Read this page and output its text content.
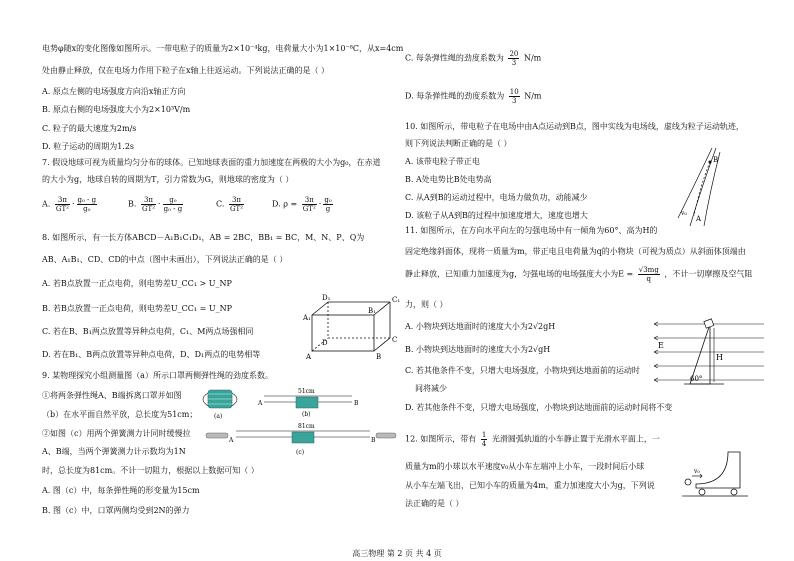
电势φ随x的变化图像如图所示。一带电粒子的质量为2×10⁻⁴kg，电荷量大小为1×10⁻⁸C，从x=4cm
处由静止释放，仅在电场力作用下粒子在x轴上往返运动。下列说法正确的是（ ）
A. 原点左侧的电场强度方向沿x轴正方向
B. 原点右侧的电场强度大小为2×10³V/m
C. 粒子的最大速度为2m/s
D. 粒子运动的周期为1.2s
7. 假设地球可视为质量均匀分布的球体。已知地球表面的重力加速度在两极的大小为g₀，在赤道
的大小为g，地球自转的周期为T，引力常数为G，则地球的密度为（ ）
A. $\frac{3\pi}{\text{GT²}} \cdot \frac{\text{g₀ - g}}{\text{g₀}}$	B. $\frac{3\pi}{\text{GT²}} \cdot \frac{\text{g₀}}{\text{g₀ - g}}$	C. $\frac{3\pi}{\text{GT²}}$	D. $\rho = \frac{3\pi}{\text{GT²}} \cdot \frac{\text{g₀}}{g}$
8. 如图所示，有一长方体ABCD－A₁B₁C₁D₁，AB = 2BC，BB₁ = BC，M、N、P、Q为
AB、A₁B₁、CD、CD的中点（图中未画出），下列说法正确的是（ ）
A. 若B点放置一正点电荷，则电势差U_CC₁ > U_NP
B. 若B点放置一正点电荷，则电势差U_CC₁ = U_NP
C. 若在B、B₁两点放置等异种点电荷，C₁、M两点场强相同
D. 若在B₁、B两点放置等异种点电荷，D、D₁两点的电势相等
D₁	C₁
A₁
B₁
D	C
A	B
9. 某物理探究小组测量图（a）所示口罩两侧弹性绳的劲度系数。
①将两条弹性绳A、B端拆离口罩并如图
（b）在水平面自然平放，总长度为51cm；
②如图（c）用两个弹簧测力计同时缓慢拉
A、B端，当两个弹簧测力计示数均为1N
时，总长度为81cm。不计一切阻力，根据以上数据可知（ ）
A. 图（c）中，每条弹性绳的形变量为15cm
B. 图（c）中，口罩两侧均受到2N的弹力
(a)
51cm
A	B
(b)
81cm
A	B
(c)
C. 每条弹性绳的劲度系数为 $\frac{20}{3} N/m$
D. 每条弹性绳的劲度系数为 $\frac{10}{3} N/m$
10. 如图所示，带电粒子在电场中由A点运动到B点，图中实线为电场线，虚线为粒子运动轨迹，
则下列说法判断正确的是（ ）
A. 该带电粒子带正电
B. A处电势比B处电势高
C. 从A到B的运动过程中，电场力做负功，动能减少
D. 该粒子从A到B的过程中加速度增大，速度也增大
B
A
v₀
11. 如图所示，在方向水平向左的匀强电场中有一倾角为60°、高为H的
固定绝缘斜面体，现将一质量为m，带正电且电荷量为q的小物块（可视为质点）从斜面体顶端由
静止释放，已知重力加速度为g，匀强电场的电场强度大小为$E = \frac{√3mg}{q}$ ，不计一切摩擦及空气阻
力，则（ ）
A. 小物块到达地面时的速度大小为2√2gH
B. 小物块到达地面时的速度大小为2√gH
C. 若其他条件不变，只增大电场强度，小物块到达地面前的运动时
间将减少
D. 若其他条件不变，只增大电场强度，小物块到达地面前的运动时间将不变
E
H
60°
12. 如图所示，带有 $\frac{1}{4}$ 光滑圆弧轨道的小车静止置于光滑水平面上，一
质量为m的小球以水平速度v₀从小车左端冲上小车，一段时间后小球
从小车左端飞出，已知小车的质量为4m，重力加速度大小为g，下列说
法正确的是（ ）
v₀
高三物理 第 2 页 共 4 页
